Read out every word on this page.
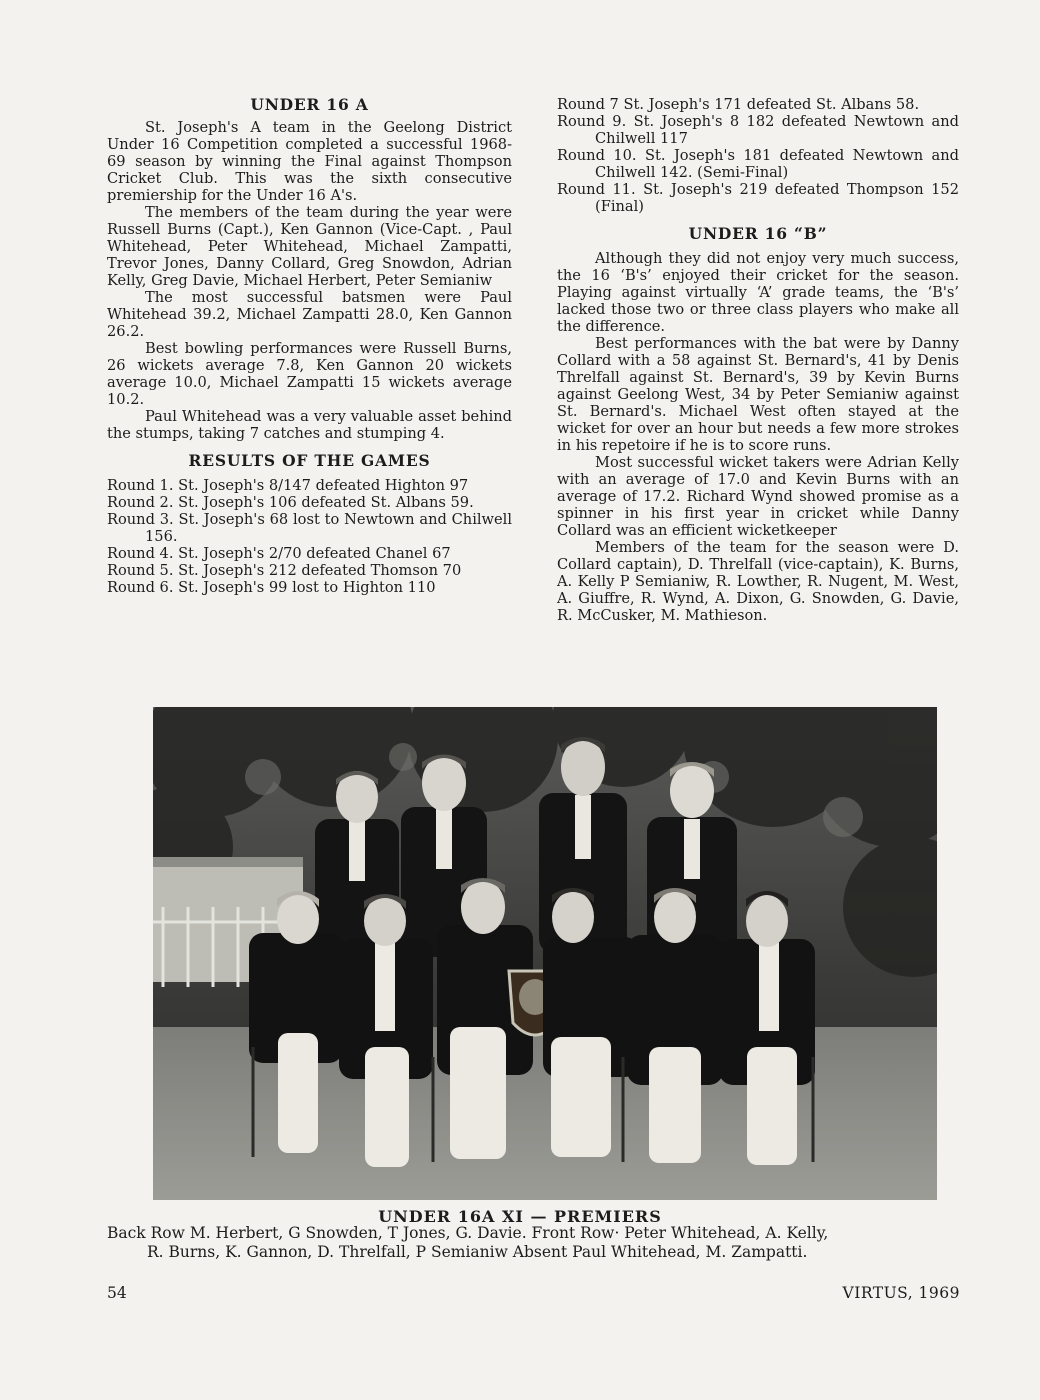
UNDER 16 A

St. Joseph's A team in the Geelong District Under 16 Competition completed a successful 1968-69 season by winning the Final against Thompson Cricket Club. This was the sixth consecutive premiership for the Under 16 A's.

The members of the team during the year were Russell Burns (Capt.), Ken Gannon (Vice-Capt. , Paul Whitehead, Peter Whitehead, Michael Zampatti, Trevor Jones, Danny Collard, Greg Snowdon, Adrian Kelly, Greg Davie, Michael Herbert, Peter Semianiw

The most successful batsmen were Paul Whitehead 39.2, Michael Zampatti 28.0, Ken Gannon 26.2.

Best bowling performances were Russell Burns, 26 wickets average 7.8, Ken Gannon 20 wickets average 10.0, Michael Zampatti 15 wickets average 10.2.

Paul Whitehead was a very valuable asset behind the stumps, taking 7 catches and stumping 4.

RESULTS OF THE GAMES

Round 1. St. Joseph's 8/147 defeated Highton 97

Round 2. St. Joseph's 106 defeated St. Albans 59.

Round 3. St. Joseph's 68 lost to Newtown and Chilwell 156.

Round 4. St. Joseph's 2/70 defeated Chanel 67

Round 5. St. Joseph's 212 defeated Thomson 70

Round 6. St. Joseph's 99 lost to Highton 110

Round 7 St. Joseph's 171 defeated St. Albans 58.

Round 9. St. Joseph's 8 182 defeated Newtown and Chilwell 117

Round 10. St. Joseph's 181 defeated Newtown and Chilwell 142. (Semi-Final)

Round 11. St. Joseph's 219 defeated Thompson 152 (Final)

UNDER 16 “B”

Although they did not enjoy very much success, the 16 ‘B's’ enjoyed their cricket for the season. Playing against virtually ‘A’ grade teams, the ‘B's’ lacked those two or three class players who make all the difference.

Best performances with the bat were by Danny Collard with a 58 against St. Bernard's, 41 by Denis Threlfall against St. Bernard's, 39 by Kevin Burns against Geelong West, 34 by Peter Semianiw against St. Bernard's. Michael West often stayed at the wicket for over an hour but needs a few more strokes in his repetoire if he is to score runs.

Most successful wicket takers were Adrian Kelly with an average of 17.0 and Kevin Burns with an average of 17.2. Richard Wynd showed promise as a spinner in his first year in cricket while Danny Collard was an efficient wicketkeeper

Members of the team for the season were D. Collard captain), D. Threlfall (vice-captain), K. Burns, A. Kelly P Semianiw, R. Lowther, R. Nugent, M. West, A. Giuffre, R. Wynd, A. Dixon, G. Snowden, G. Davie, R. McCusker, M. Mathieson.

UNDER 16A XI — PREMIERS
Back Row M. Herbert, G Snowden, T Jones, G. Davie. Front Row· Peter Whitehead, A. Kelly,
R. Burns, K. Gannon, D. Threlfall, P Semianiw Absent Paul Whitehead, M. Zampatti.
54	VIRTUS, 1969
